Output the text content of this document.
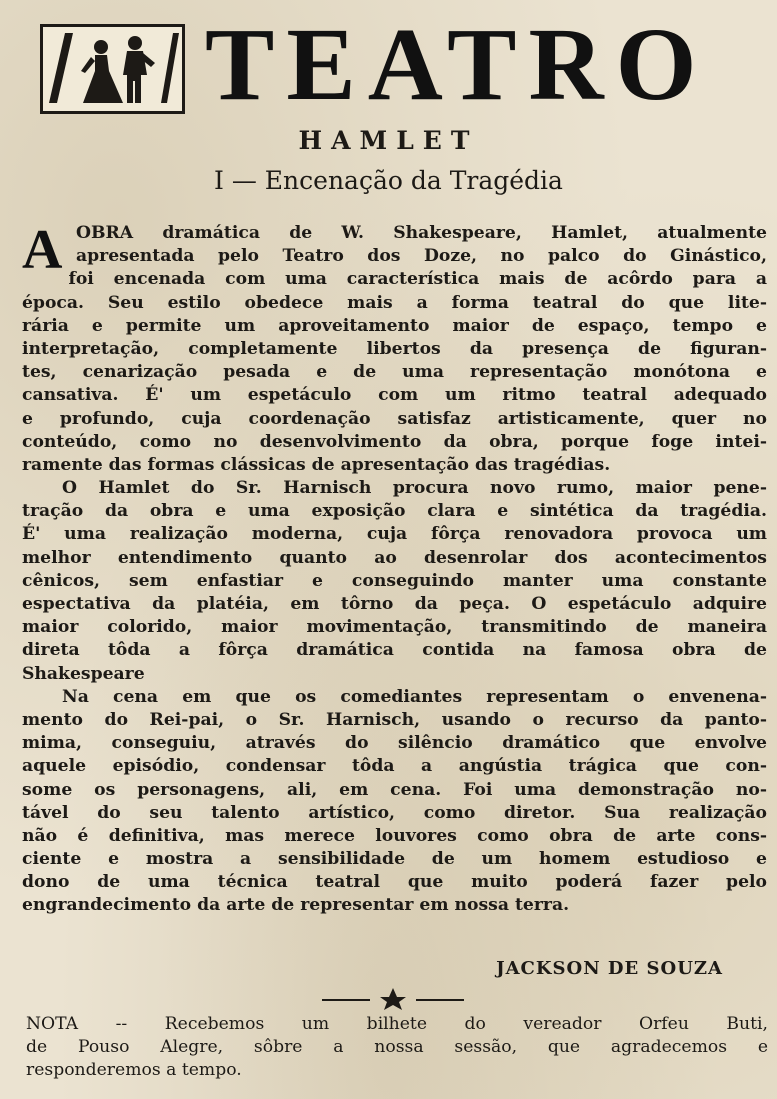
TEATRO
HAMLET
I — Encenação da Tragédia
A OBRA dramática de W. Shakespeare, Hamlet, atualmente
apresentada pelo Teatro dos Doze, no palco do Ginástico,
foi encenada com uma característica mais de acôrdo para a
época. Seu estilo obedece mais a forma teatral do que lite-
rária e permite um aproveitamento maior de espaço, tempo e
interpretação, completamente libertos da presença de figuran-
tes, cenarização pesada e de uma representação monótona e
cansativa. É' um espetáculo com um ritmo teatral adequado
e profundo, cuja coordenação satisfaz artisticamente, quer no
conteúdo, como no desenvolvimento da obra, porque foge intei-
ramente das formas clássicas de apresentação das tragédias.
O Hamlet do Sr. Harnisch procura novo rumo, maior pene-
tração da obra e uma exposição clara e sintética da tragédia.
É' uma realização moderna, cuja fôrça renovadora provoca um
melhor entendimento quanto ao desenrolar dos acontecimentos
cênicos, sem enfastiar e conseguindo manter uma constante
espectativa da platéia, em tôrno da peça. O espetáculo adquire
maior colorido, maior movimentação, transmitindo de maneira
direta tôda a fôrça dramática contida na famosa obra de
Shakespeare
Na cena em que os comediantes representam o envenena-
mento do Rei-pai, o Sr. Harnisch, usando o recurso da panto-
mima, conseguiu, através do silêncio dramático que envolve
aquele episódio, condensar tôda a angústia trágica que con-
some os personagens, ali, em cena. Foi uma demonstração no-
tável do seu talento artístico, como diretor. Sua realização
não é definitiva, mas merece louvores como obra de arte cons-
ciente e mostra a sensibilidade de um homem estudioso e
dono de uma técnica teatral que muito poderá fazer pelo
engrandecimento da arte de representar em nossa terra.
JACKSON DE SOUZA
NOTA -- Recebemos um bilhete do vereador Orfeu Buti,
de Pouso Alegre, sôbre a nossa sessão, que agradecemos e
responderemos a tempo.
